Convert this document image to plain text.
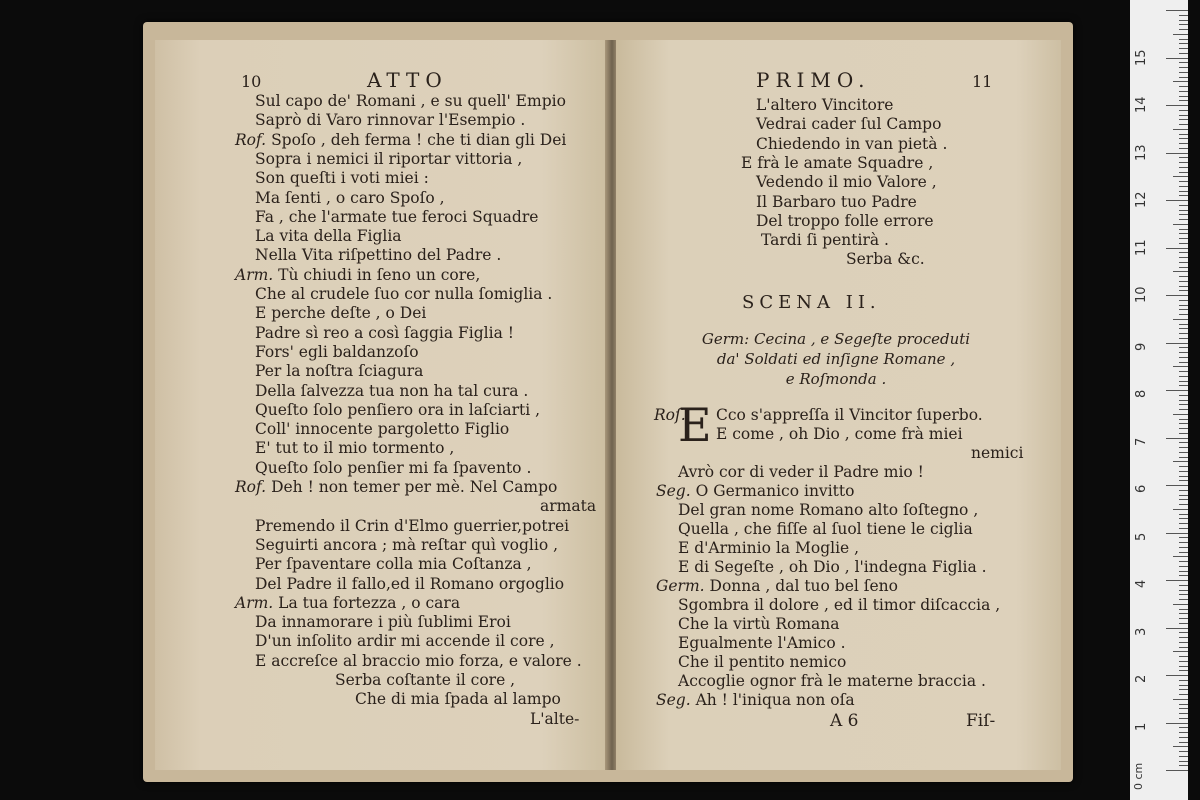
10	ATTO
Sul capo de' Romani , e su quell' Empio
Saprò di Varo rinnovar l'Esempio .
Rof. Spoſo , deh ferma ! che ti dian gli Dei
Sopra i nemici il riportar vittoria ,
Son queſti i voti miei :
Ma ſenti , o caro Spoſo ,
Fa , che l'armate tue feroci Squadre
La vita della Figlia
Nella Vita riſpettino del Padre .
Arm. Tù chiudi in ſeno un core,
Che al crudele ſuo cor nulla ſomiglia .
E perche deſte , o Dei
Padre sì reo a così ſaggia Figlia !
Fors' egli baldanzoſo
Per la noſtra ſciagura
Della ſalvezza tua non ha tal cura .
Queſto ſolo penſiero ora in laſciarti ,
Coll' innocente pargoletto Figlio
E' tut to il mio tormento ,
Queſto ſolo penſier mi fa ſpavento .
Rof. Deh ! non temer per mè. Nel Campo
armata
Premendo il Crin d'Elmo guerrier,potrei
Seguirti ancora ; mà reſtar quì voglio ,
Per ſpaventare colla mia Coſtanza ,
Del Padre il fallo,ed il Romano orgoglio
Arm. La tua fortezza , o cara
Da innamorare i più ſublimi Eroi
D'un inſolito ardir mi accende il core ,
E accreſce al braccio mio forza, e valore .
Serba coſtante il core ,
Che di mia ſpada al lampo
L'alte-
PRIMO.	11
L'altero Vincitore
Vedrai cader ſul Campo
Chiedendo in van pietà .
E frà le amate Squadre ,
Vedendo il mio Valore ,
Il Barbaro tuo Padre
Del troppo folle errore
Tardi ſi pentirà .
Serba &c.
SCENA II.
Germ: Cecina , e Segeſte proceduti
da' Soldati ed inſigne Romane ,
e Roſmonda .
E
Roſ. Cco s'appreſſa il Vincitor ſuperbo.
E come , oh Dio , come frà miei
nemici
Avrò cor di veder il Padre mio !
Seg. O Germanico invitto
Del gran nome Romano alto ſoſtegno ,
Quella , che fiſſe al ſuol tiene le ciglia
E d'Arminio la Moglie ,
E di Segeſte , oh Dio , l'indegna Figlia .
Germ. Donna , dal tuo bel ſeno
Sgombra il dolore , ed il timor diſcaccia ,
Che la virtù Romana
Egualmente l'Amico .
Che il pentito nemico
Accoglie ognor frà le materne braccia .
Seg. Ah ! l'iniqua non oſa
A 6	Fiſ-	1
2
3
4
5
6
7
8
9
10
11
12
13
14
15
0 cm
